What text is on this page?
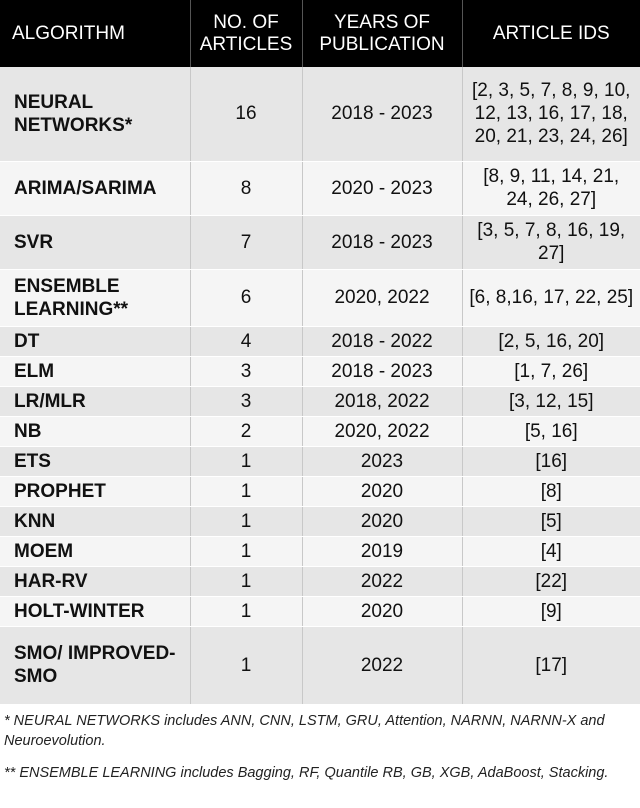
ALGORITHM	NO. OF ARTICLES	YEARS OF PUBLICATION	ARTICLE IDS
NEURAL NETWORKS*	16	2018 - 2023	[2, 3, 5, 7, 8, 9, 10, 12, 13, 16, 17, 18, 20, 21, 23, 24, 26]
ARIMA/SARIMA	8	2020 - 2023	[8, 9, 11, 14, 21, 24, 26, 27]
SVR	7	2018 - 2023	[3, 5, 7, 8, 16, 19, 27]
ENSEMBLE LEARNING**	6	2020, 2022	[6, 8,16, 17, 22, 25]
DT	4	2018 - 2022	[2, 5, 16, 20]
ELM	3	2018 - 2023	[1, 7, 26]
LR/MLR	3	2018, 2022	[3, 12, 15]
NB	2	2020, 2022	[5, 16]
ETS	1	2023	[16]
PROPHET	1	2020	[8]
KNN	1	2020	[5]
MOEM	1	2019	[4]
HAR-RV	1	2022	[22]
HOLT-WINTER	1	2020	[9]
SMO/ IMPROVED-SMO	1	2022	[17]

* NEURAL NETWORKS includes ANN, CNN, LSTM, GRU, Attention, NARNN, NARNN-X and Neuroevolution.

** ENSEMBLE LEARNING includes Bagging, RF, Quantile RB, GB, XGB, AdaBoost, Stacking.
